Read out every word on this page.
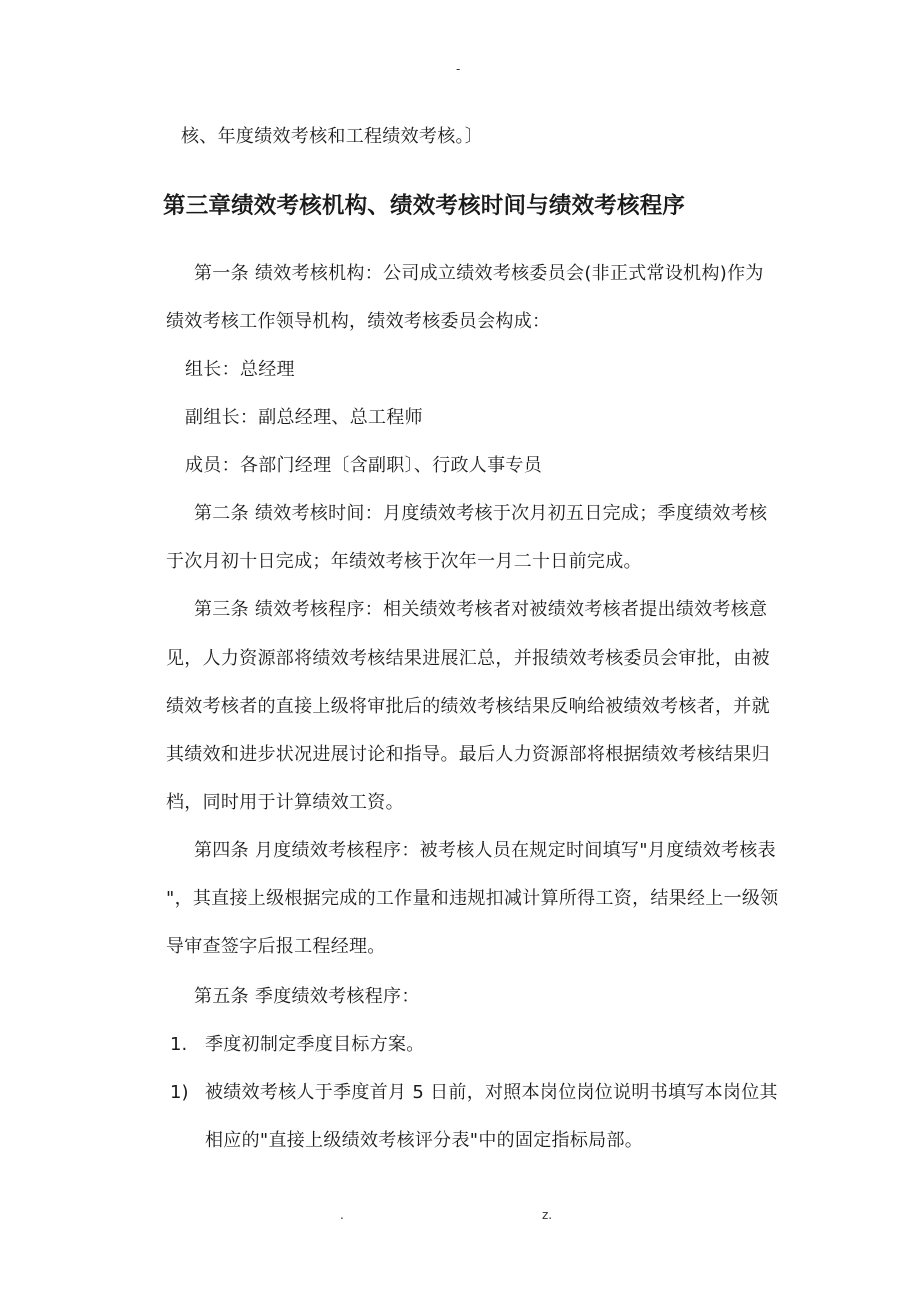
-
核、年度绩效考核和工程绩效考核。〕
第三章绩效考核机构、绩效考核时间与绩效考核程序
第一条 绩效考核机构：公司成立绩效考核委员会(非正式常设机构)作为
绩效考核工作领导机构，绩效考核委员会构成：
组长：总经理
副组长：副总经理、总工程师
成员：各部门经理〔含副职〕、行政人事专员
第二条 绩效考核时间：月度绩效考核于次月初五日完成；季度绩效考核
于次月初十日完成；年绩效考核于次年一月二十日前完成。
第三条 绩效考核程序：相关绩效考核者对被绩效考核者提出绩效考核意
见，人力资源部将绩效考核结果进展汇总，并报绩效考核委员会审批，由被
绩效考核者的直接上级将审批后的绩效考核结果反响给被绩效考核者，并就
其绩效和进步状况进展讨论和指导。最后人力资源部将根据绩效考核结果归
档，同时用于计算绩效工资。
第四条 月度绩效考核程序：被考核人员在规定时间填写"月度绩效考核表
"，其直接上级根据完成的工作量和违规扣减计算所得工资，结果经上一级领
导审查签字后报工程经理。
第五条 季度绩效考核程序：
1. 季度初制定季度目标方案。
1) 被绩效考核人于季度首月 5 日前，对照本岗位岗位说明书填写本岗位其
相应的"直接上级绩效考核评分表"中的固定指标局部。
.	z.
